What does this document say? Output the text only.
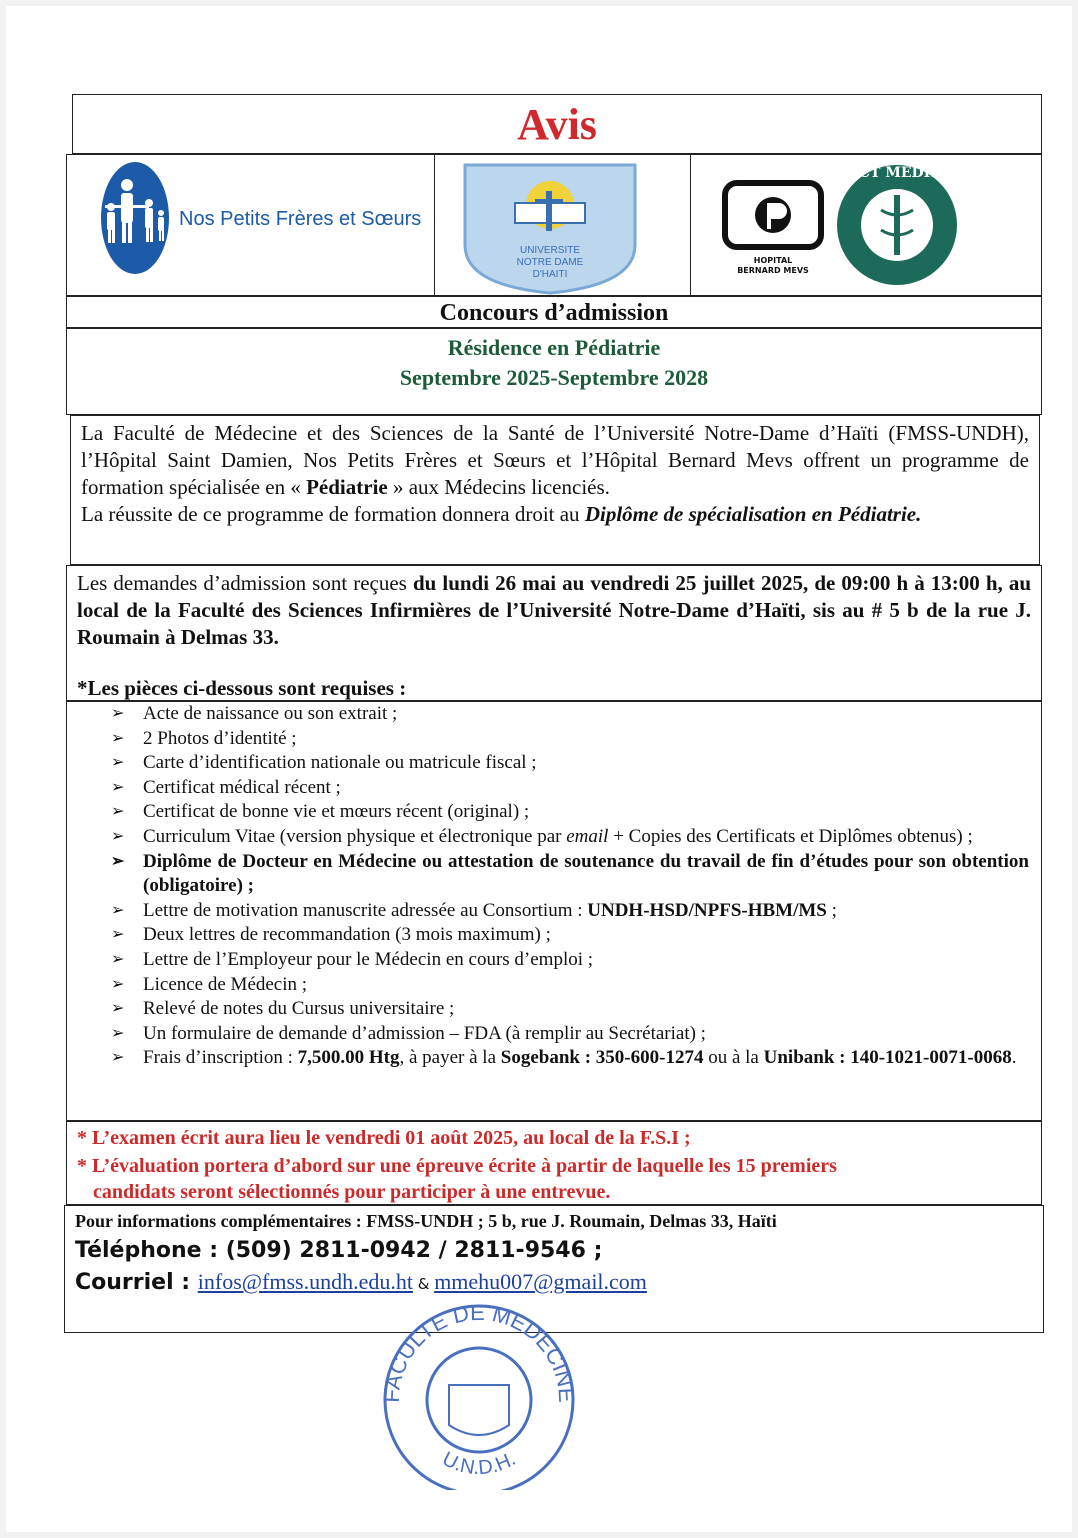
Avis
Nos Petits Frères et Sœurs
UNIVERSITE
NOTRE DAME
D'HAITI
HOPITAL
BERNARD MEVS
PROJECT MEDISHARE
Concours d’admission
Résidence en Pédiatrie
Septembre 2025-Septembre 2028
La Faculté de Médecine et des Sciences de la Santé de l’Université Notre-Dame d’Haïti (FMSS-UNDH), l’Hôpital Saint Damien, Nos Petits Frères et Sœurs et l’Hôpital Bernard Mevs offrent un programme de formation spécialisée en « Pédiatrie » aux Médecins licenciés.
La réussite de ce programme de formation donnera droit au Diplôme de spécialisation en Pédiatrie.
Les demandes d’admission sont reçues du lundi 26 mai au vendredi 25 juillet 2025, de 09:00 h à 13:00 h, au local de la Faculté des Sciences Infirmières de l’Université Notre-Dame d’Haïti, sis au # 5 b de la rue J. Roumain à Delmas 33.
*Les pièces ci-dessous sont requises :
➢ Acte de naissance ou son extrait ;
➢ 2 Photos d’identité ;
➢ Carte d’identification nationale ou matricule fiscal ;
➢ Certificat médical récent ;
➢ Certificat de bonne vie et mœurs récent (original) ;
➢ Curriculum Vitae (version physique et électronique par email + Copies des Certificats et Diplômes obtenus) ;
➢ Diplôme de Docteur en Médecine ou attestation de soutenance du travail de fin d’études pour son obtention (obligatoire) ;
➢ Lettre de motivation manuscrite adressée au Consortium : UNDH-HSD/NPFS-HBM/MS ;
➢ Deux lettres de recommandation (3 mois maximum) ;
➢ Lettre de l’Employeur pour le Médecin en cours d’emploi ;
➢ Licence de Médecin ;
➢ Relevé de notes du Cursus universitaire ;
➢ Un formulaire de demande d’admission – FDA (à remplir au Secrétariat) ;
➢ Frais d’inscription : 7,500.00 Htg, à payer à la Sogebank : 350-600-1274 ou à la Unibank : 140-1021-0071-0068.
* L’examen écrit aura lieu le vendredi 01 août 2025, au local de la F.S.I ;
* L’évaluation portera d’abord sur une épreuve écrite à partir de laquelle les 15 premiers
candidats seront sélectionnés pour participer à une entrevue.
Pour informations complémentaires : FMSS-UNDH ; 5 b, rue J. Roumain, Delmas 33, Haïti
Téléphone : (509) 2811-0942 / 2811-9546 ;
Courriel : infos@fmss.undh.edu.ht & mmehu007@gmail.com
FACULTE DE MEDECINE
U.N.D.H.
